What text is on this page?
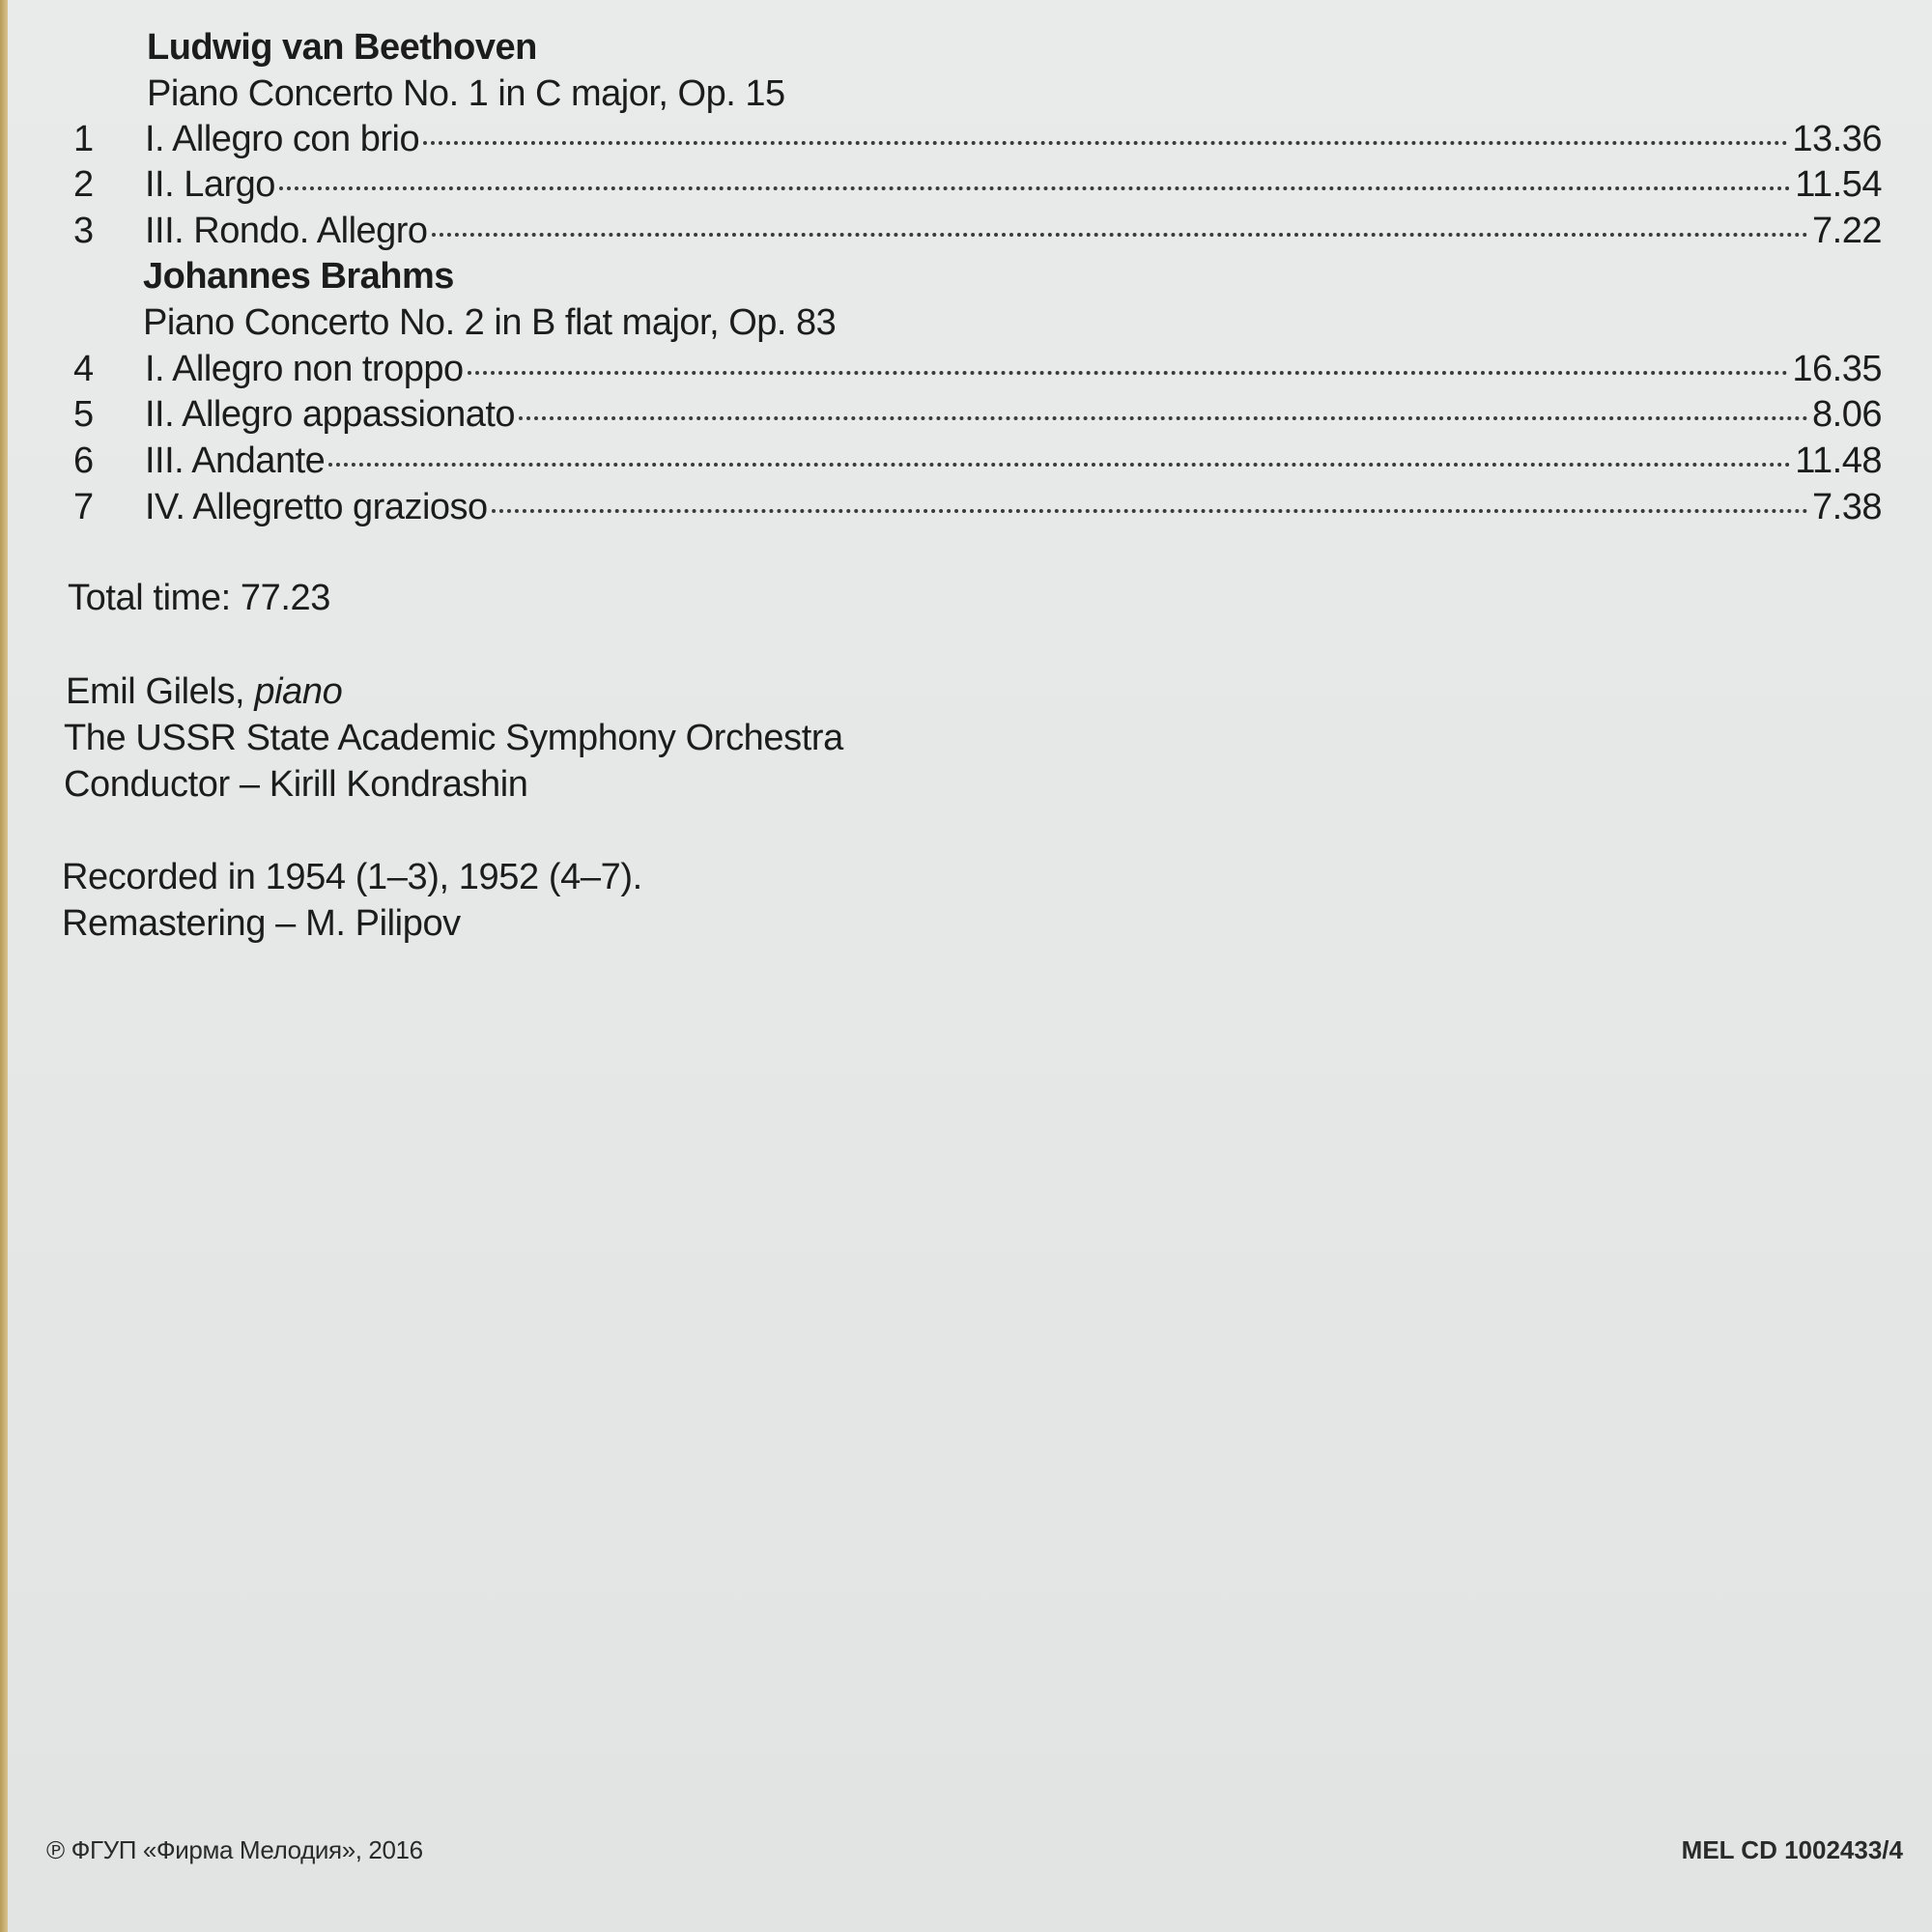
Ludwig van Beethoven
Piano Concerto No. 1 in C major, Op. 15
1 I. Allegro con brio	13.36
2 II. Largo	11.54
3 III. Rondo. Allegro	7.22
Johannes Brahms
Piano Concerto No. 2 in B flat major, Op. 83
4 I. Allegro non troppo	16.35
5 II. Allegro appassionato	8.06
6 III. Andante	11.48
7 IV. Allegretto grazioso	7.38
Total time: 77.23
Emil Gilels, piano
The USSR State Academic Symphony Orchestra
Conductor – Kirill Kondrashin
Recorded in 1954 (1–3), 1952 (4–7).
Remastering – M. Pilipov
℗ ФГУП «Фирма Мелодия», 2016	MEL CD 1002433/4
